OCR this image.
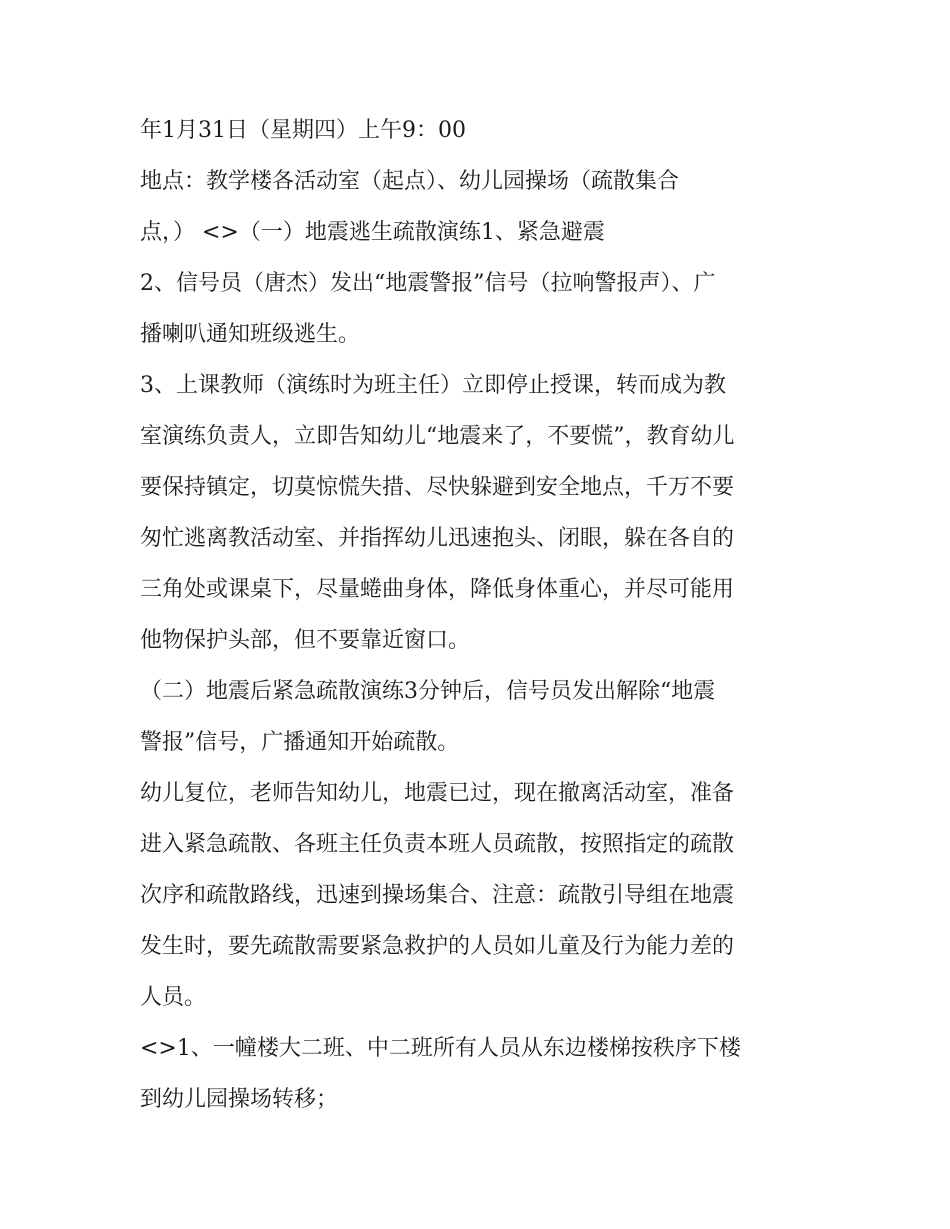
年1月31日（星期四）上午9：00

地点：教学楼各活动室（起点）、幼儿园操场（疏散集合

点，） <>（一）地震逃生疏散演练1、紧急避震

2、信号员（唐杰）发出“地震警报”信号（拉响警报声）、广

播喇叭通知班级逃生。

3、上课教师（演练时为班主任）立即停止授课，转而成为教

室演练负责人，立即告知幼儿“地震来了，不要慌”，教育幼儿

要保持镇定，切莫惊慌失措、尽快躲避到安全地点，千万不要

匆忙逃离教活动室、并指挥幼儿迅速抱头、闭眼，躲在各自的

三角处或课桌下，尽量蜷曲身体，降低身体重心，并尽可能用

他物保护头部，但不要靠近窗口。

（二）地震后紧急疏散演练3分钟后，信号员发出解除“地震

警报”信号，广播通知开始疏散。

幼儿复位，老师告知幼儿，地震已过，现在撤离活动室，准备

进入紧急疏散、各班主任负责本班人员疏散，按照指定的疏散

次序和疏散路线，迅速到操场集合、注意：疏散引导组在地震

发生时，要先疏散需要紧急救护的人员如儿童及行为能力差的

人员。

<>1、一幢楼大二班、中二班所有人员从东边楼梯按秩序下楼

到幼儿园操场转移；
